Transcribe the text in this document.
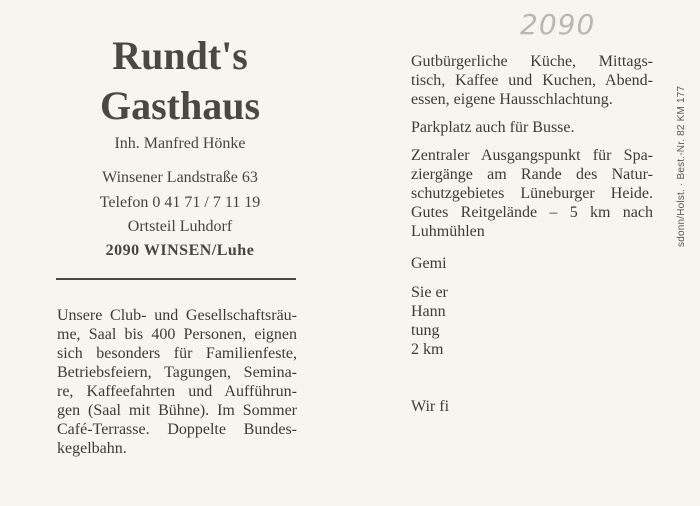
2090
Rundt's
Gasthaus
Inh. Manfred Hönke
Winsener Landstraße 63
Telefon 0 41 71 / 7 11 19
Ortsteil Luhdorf
2090 WINSEN/Luhe
Unsere Club- und Gesellschaftsräu-
me, Saal bis 400 Personen, eignen
sich besonders für Familienfeste,
Betriebsfeiern, Tagungen, Semina-
re, Kaffeefahrten und Aufführun-
gen (Saal mit Bühne). Im Sommer
Café-Terrasse. Doppelte Bundes-
kegelbahn.
Gutbürgerliche Küche, Mittags-
tisch, Kaffee und Kuchen, Abend-
essen, eigene Hausschlachtung.
Parkplatz auch für Busse.
Zentraler Ausgangspunkt für Spa-
ziergänge am Rande des Natur-
schutzgebietes Lüneburger Heide.
Gutes Reitgelände – 5 km nach
Luhmühlen
Gemi
Sie er
Hann
tung
2 km
Wir fi
sdonn/Holst. · Best.-Nr. 82 KM 177
